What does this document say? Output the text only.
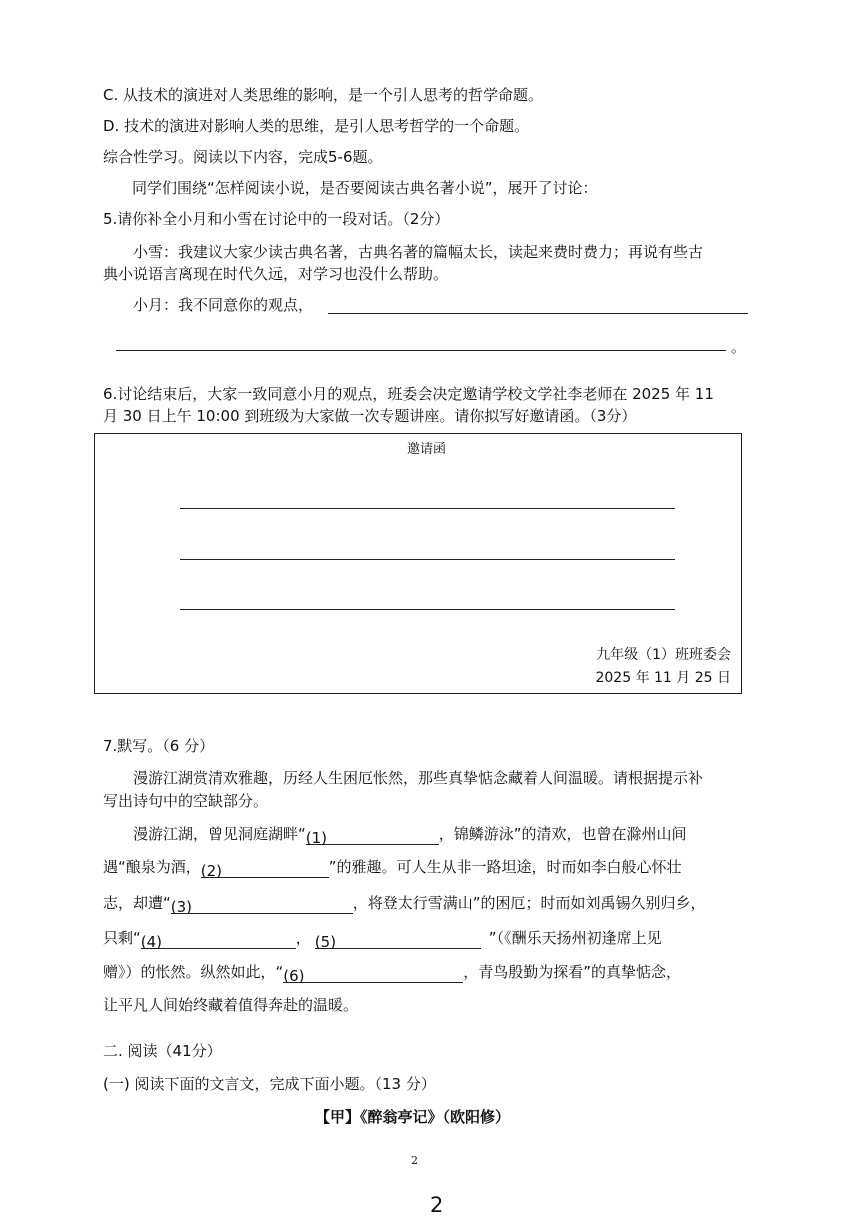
C. 从技术的演进对人类思维的影响，是一个引人思考的哲学命题。
D. 技术的演进对影响人类的思维，是引人思考哲学的一个命题。
综合性学习。阅读以下内容，完成5-6题。
同学们围绕“怎样阅读小说，是否要阅读古典名著小说”，展开了讨论：
5.请你补全小月和小雪在讨论中的一段对话。（2分）
小雪：我建议大家少读古典名著，古典名著的篇幅太长，读起来费时费力；再说有些古
典小说语言离现在时代久远，对学习也没什么帮助。
小月：我不同意你的观点，
。
6.讨论结束后，大家一致同意小月的观点，班委会决定邀请学校文学社李老师在 2025 年 11
月 30 日上午 10:00 到班级为大家做一次专题讲座。请你拟写好邀请函。（3分）
邀请函
九年级（1）班班委会
2025 年 11 月 25 日
7.默写。（6 分）
漫游江湖赏清欢雅趣，历经人生困厄怅然，那些真挚惦念藏着人间温暖。请根据提示补
写出诗句中的空缺部分。
漫游江湖，曾见洞庭湖畔“(1)	，锦鳞游泳”的清欢，也曾在滁州山间
遇“酿泉为酒，(2)	”的雅趣。可人生从非一路坦途，时而如李白般心怀壮
志，却遭“(3)	，将登太行雪满山”的困厄；时而如刘禹锡久别归乡，
只剩“(4)	， (5)	”（《酬乐天扬州初逢席上见
赠》）的怅然。纵然如此，“(6)	，青鸟殷勤为探看”的真挚惦念，
让平凡人间始终藏着值得奔赴的温暖。
二. 阅读（41分）
(一) 阅读下面的文言文，完成下面小题。（13 分）
【甲】《醉翁亭记》（欧阳修）
2
2
